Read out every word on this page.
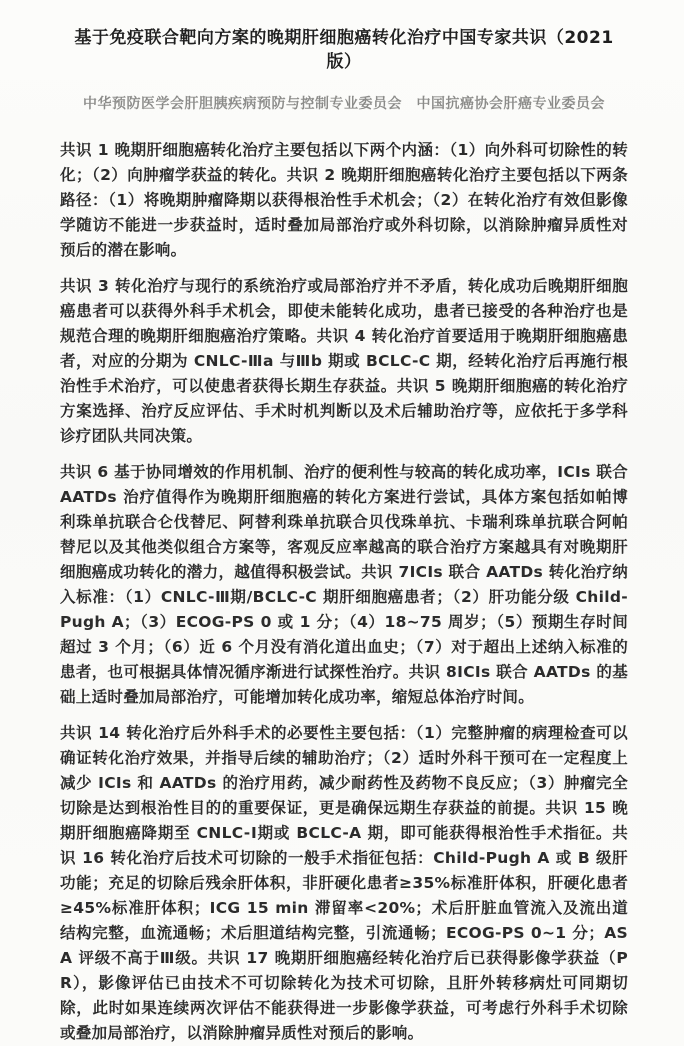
基于免疫联合靶向方案的晚期肝细胞癌转化治疗中国专家共识（2021 版）
中华预防医学会肝胆胰疾病预防与控制专业委员会　中国抗癌协会肝癌专业委员会

共识 1 晚期肝细胞癌转化治疗主要包括以下两个内涵：（1）向外科可切除性的转化；（2）向肿瘤学获益的转化。共识 2 晚期肝细胞癌转化治疗主要包括以下两条路径：（1）将晚期肿瘤降期以获得根治性手术机会；（2）在转化治疗有效但影像学随访不能进一步获益时，适时叠加局部治疗或外科切除，以消除肿瘤异质性对预后的潜在影响。

共识 3 转化治疗与现行的系统治疗或局部治疗并不矛盾，转化成功后晚期肝细胞癌患者可以获得外科手术机会，即使未能转化成功，患者已接受的各种治疗也是规范合理的晚期肝细胞癌治疗策略。共识 4 转化治疗首要适用于晚期肝细胞癌患者，对应的分期为 CNLC-Ⅲa 与Ⅲb 期或 BCLC-C 期，经转化治疗后再施行根治性手术治疗，可以使患者获得长期生存获益。共识 5 晚期肝细胞癌的转化治疗方案选择、治疗反应评估、手术时机判断以及术后辅助治疗等，应依托于多学科诊疗团队共同决策。

共识 6 基于协同增效的作用机制、治疗的便利性与较高的转化成功率，ICIs 联合 AATDs 治疗值得作为晚期肝细胞癌的转化方案进行尝试，具体方案包括如帕博利珠单抗联合仑伐替尼、阿替利珠单抗联合贝伐珠单抗、卡瑞利珠单抗联合阿帕替尼以及其他类似组合方案等，客观反应率越高的联合治疗方案越具有对晚期肝细胞癌成功转化的潜力，越值得积极尝试。共识 7ICIs 联合 AATDs 转化治疗纳入标准：（1）CNLC-Ⅲ期/BCLC-C 期肝细胞癌患者；（2）肝功能分级 Child-Pugh A；（3）ECOG-PS 0 或 1 分；（4）18~75 周岁；（5）预期生存时间超过 3 个月；（6）近 6 个月没有消化道出血史；（7）对于超出上述纳入标准的患者，也可根据具体情况循序渐进行试探性治疗。共识 8ICIs 联合 AATDs 的基础上适时叠加局部治疗，可能增加转化成功率，缩短总体治疗时间。

共识 14 转化治疗后外科手术的必要性主要包括：（1）完整肿瘤的病理检查可以确证转化治疗效果，并指导后续的辅助治疗；（2）适时外科干预可在一定程度上减少 ICIs 和 AATDs 的治疗用药，减少耐药性及药物不良反应；（3）肿瘤完全切除是达到根治性目的的重要保证，更是确保远期生存获益的前提。共识 15 晚期肝细胞癌降期至 CNLC-Ⅰ期或 BCLC-A 期，即可能获得根治性手术指征。共识 16 转化治疗后技术可切除的一般手术指征包括：Child-Pugh A 或 B 级肝功能；充足的切除后残余肝体积，非肝硬化患者≥35%标准肝体积，肝硬化患者≥45%标准肝体积；ICG 15 min 滞留率<20%；术后肝脏血管流入及流出道结构完整，血流通畅；术后胆道结构完整，引流通畅；ECOG-PS 0~1 分；ASA 评级不高于Ⅲ级。共识 17 晚期肝细胞癌经转化治疗后已获得影像学获益（PR），影像评估已由技术不可切除转化为技术可切除，且肝外转移病灶可同期切除，此时如果连续两次评估不能获得进一步影像学获益，可考虑行外科手术切除或叠加局部治疗，以消除肿瘤异质性对预后的影响。
